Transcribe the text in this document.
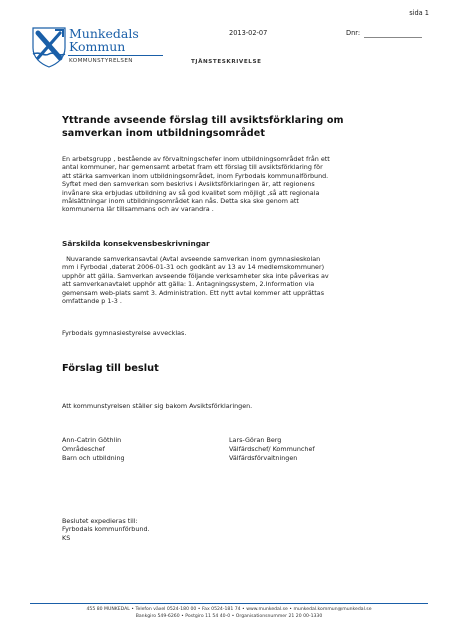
sida 1
Munkedals
Kommun
KOMMUNSTYRELSEN
2013-02-07	Dnr:
TJÄNSTESKRIVELSE
Yttrande avseende förslag till avsiktsförklaring om
samverkan inom utbildningsområdet
En arbetsgrupp , bestående av förvaltningschefer inom utbildningsområdet från ett
antal kommuner, har gemensamt arbetat fram ett förslag till avsiktsförklaring för
att stärka samverkan inom utbildningsområdet, inom Fyrbodals kommunalförbund.
Syftet med den samverkan som beskrivs i Avsiktsförklaringen är, att regionens
invånare ska erbjudas utbildning av så god kvalitet som möjligt ,så att regionala
målsättningar inom utbildningsområdet kan nås. Detta ska ske genom att
kommunerna lär tillsammans och av varandra .
Särskilda konsekvensbeskrivningar
Nuvarande samverkansavtal (Avtal avseende samverkan inom gymnasieskolan
mm i Fyrbodal ,daterat 2006-01-31 och godkänt av 13 av 14 medlemskommuner)
upphör att gälla. Samverkan avseende följande verksamheter ska inte påverkas av
att samverkanavtalet upphör att gälla: 1. Antagningssystem, 2.Information via
gemensam web-plats samt 3. Administration. Ett nytt avtal kommer att upprättas
omfattande p 1-3 .
Fyrbodals gymnasiestyrelse avvecklas.
Förslag till beslut
Att kommunstyrelsen ställer sig bakom Avsiktsförklaringen.
Ann-Catrin Göthlin
Områdeschef
Barn och utbildning
Lars-Göran Berg
Välfärdschef/ Kommunchef
Välfärdsförvaltningen
Beslutet expedieras till:
Fyrbodals kommunförbund.
KS
455 80 MUNKEDAL • Telefon växel 0524-180 00 • Fax 0524-181 74 • www.munkedal.se • munkedal.kommun@munkedal.se
Bankgiro 549-6260 • Postgiro 11 54 40-0 • Organisationsnummer 21 20 00-1330
